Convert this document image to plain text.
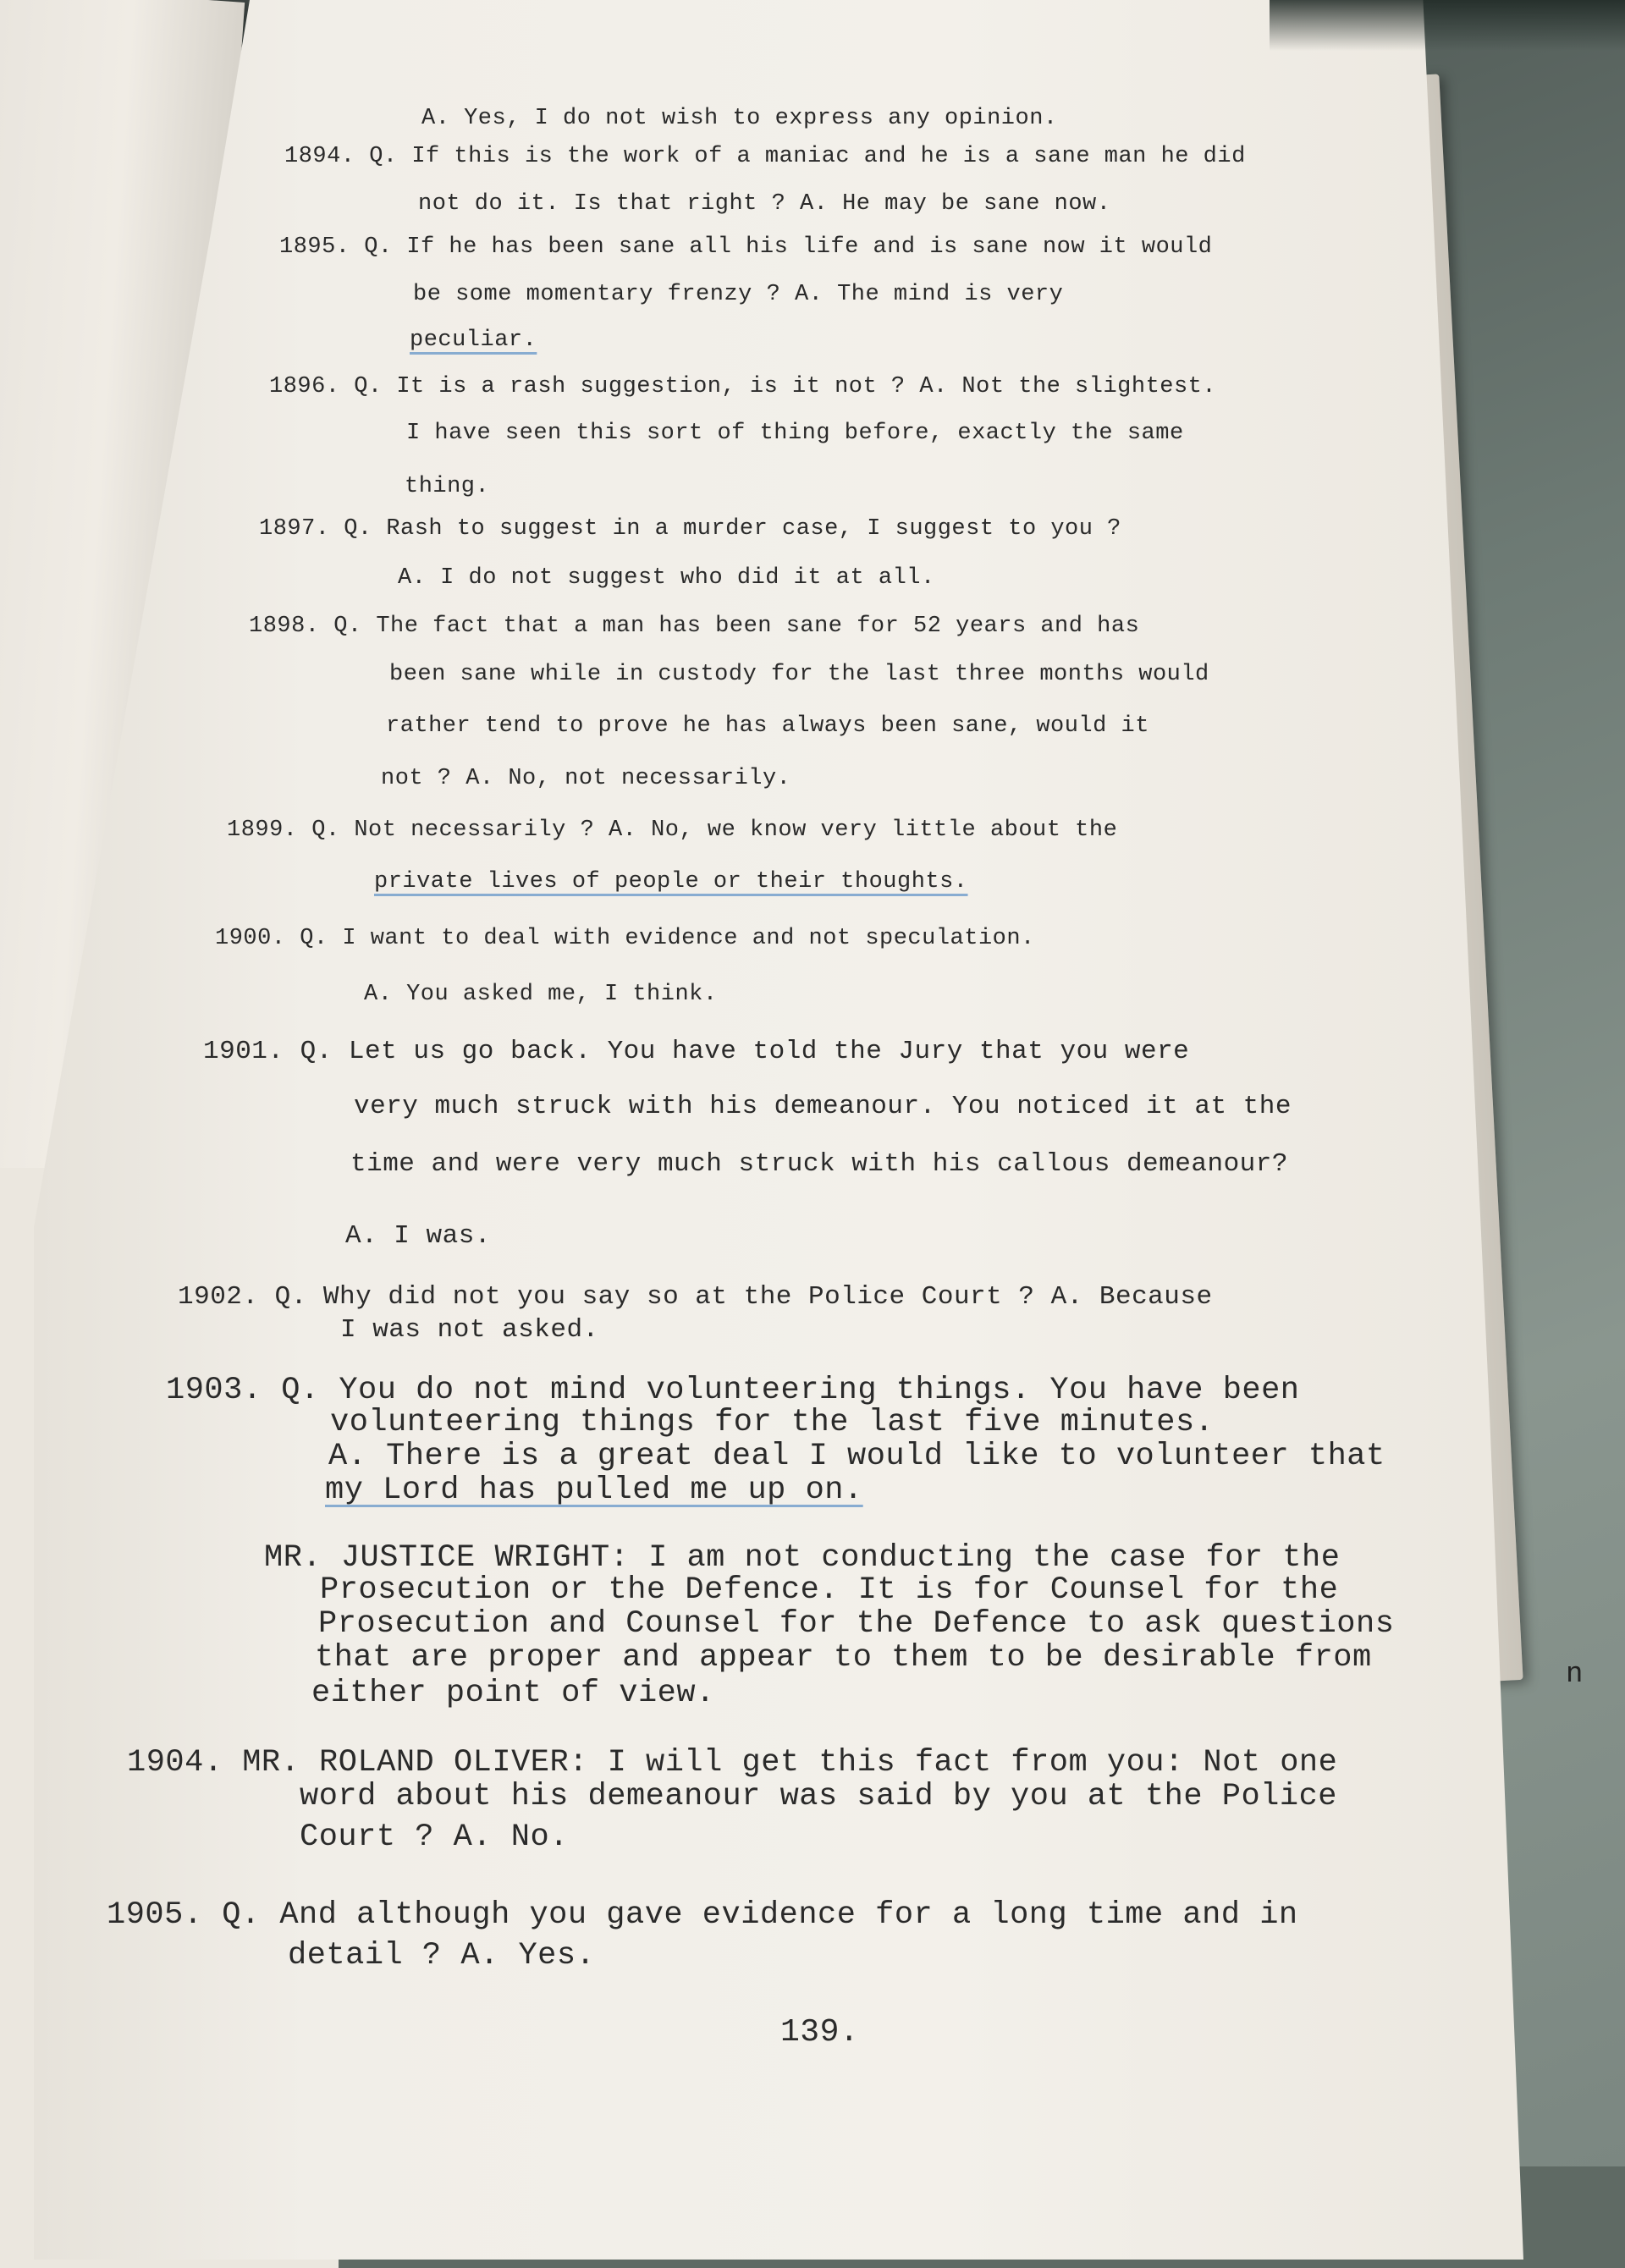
n
A. Yes, I do not wish to express any opinion.
1894. Q. If this is the work of a maniac and he is a sane man he did
not do it. Is that right ? A. He may be sane now.
1895. Q. If he has been sane all his life and is sane now it would
be some momentary frenzy ? A. The mind is very
peculiar.
1896. Q. It is a rash suggestion, is it not ? A. Not the slightest.
I have seen this sort of thing before, exactly the same
thing.
1897. Q. Rash to suggest in a murder case, I suggest to you ?
A. I do not suggest who did it at all.
1898. Q. The fact that a man has been sane for 52 years and has
been sane while in custody for the last three months would
rather tend to prove he has always been sane, would it
not ? A. No, not necessarily.
1899. Q. Not necessarily ? A. No, we know very little about the
private lives of people or their thoughts.
1900. Q. I want to deal with evidence and not speculation.
A. You asked me, I think.
1901. Q. Let us go back. You have told the Jury that you were
very much struck with his demeanour. You noticed it at the
time and were very much struck with his callous demeanour?
A. I was.
1902. Q. Why did not you say so at the Police Court ? A. Because
I was not asked.
1903. Q. You do not mind volunteering things. You have been
volunteering things for the last five minutes.
A. There is a great deal I would like to volunteer that
my Lord has pulled me up on.
MR. JUSTICE WRIGHT: I am not conducting the case for the
Prosecution or the Defence. It is for Counsel for the
Prosecution and Counsel for the Defence to ask questions
that are proper and appear to them to be desirable from
either point of view.
1904. MR. ROLAND OLIVER: I will get this fact from you: Not one
word about his demeanour was said by you at the Police
Court ? A. No.
1905. Q. And although you gave evidence for a long time and in
detail ? A. Yes.
139.
